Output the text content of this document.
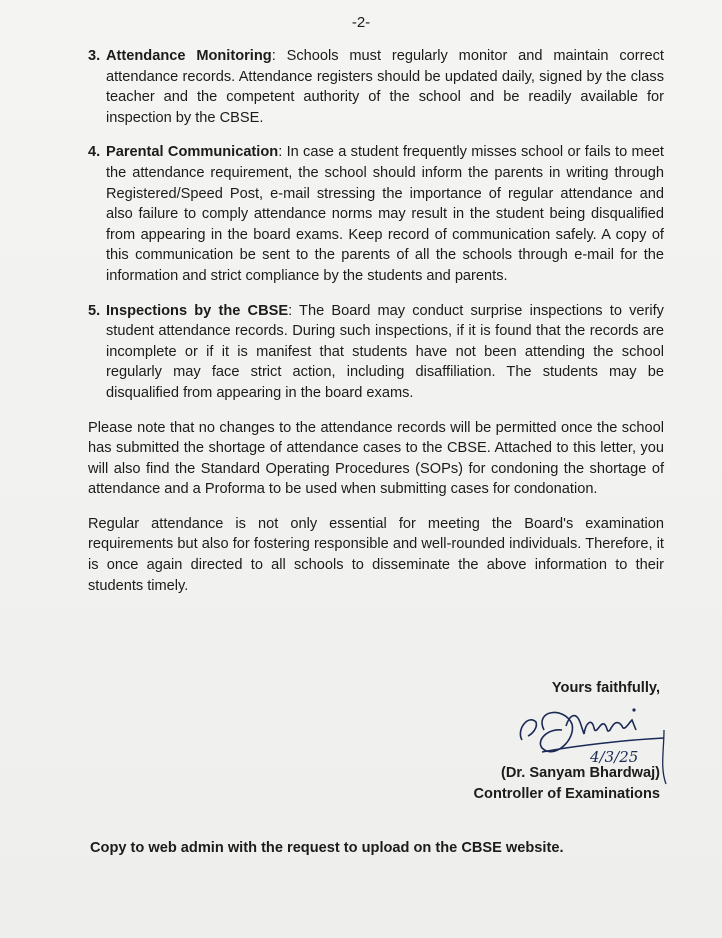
-2-
3. Attendance Monitoring: Schools must regularly monitor and maintain correct attendance records. Attendance registers should be updated daily, signed by the class teacher and the competent authority of the school and be readily available for inspection by the CBSE.
4. Parental Communication: In case a student frequently misses school or fails to meet the attendance requirement, the school should inform the parents in writing through Registered/Speed Post, e-mail stressing the importance of regular attendance and also failure to comply attendance norms may result in the student being disqualified from appearing in the board exams. Keep record of communication safely. A copy of this communication be sent to the parents of all the schools through e-mail for the information and strict compliance by the students and parents.
5. Inspections by the CBSE: The Board may conduct surprise inspections to verify student attendance records. During such inspections, if it is found that the records are incomplete or if it is manifest that students have not been attending the school regularly may face strict action, including disaffiliation. The students may be disqualified from appearing in the board exams.

Please note that no changes to the attendance records will be permitted once the school has submitted the shortage of attendance cases to the CBSE. Attached to this letter, you will also find the Standard Operating Procedures (SOPs) for condoning the shortage of attendance and a Proforma to be used when submitting cases for condonation.

Regular attendance is not only essential for meeting the Board's examination requirements but also for fostering responsible and well-rounded individuals. Therefore, it is once again directed to all schools to disseminate the above information to their students timely.

Yours faithfully,
4/3/25
(Dr. Sanyam Bhardwaj)
Controller of Examinations
Copy to web admin with the request to upload on the CBSE website.
